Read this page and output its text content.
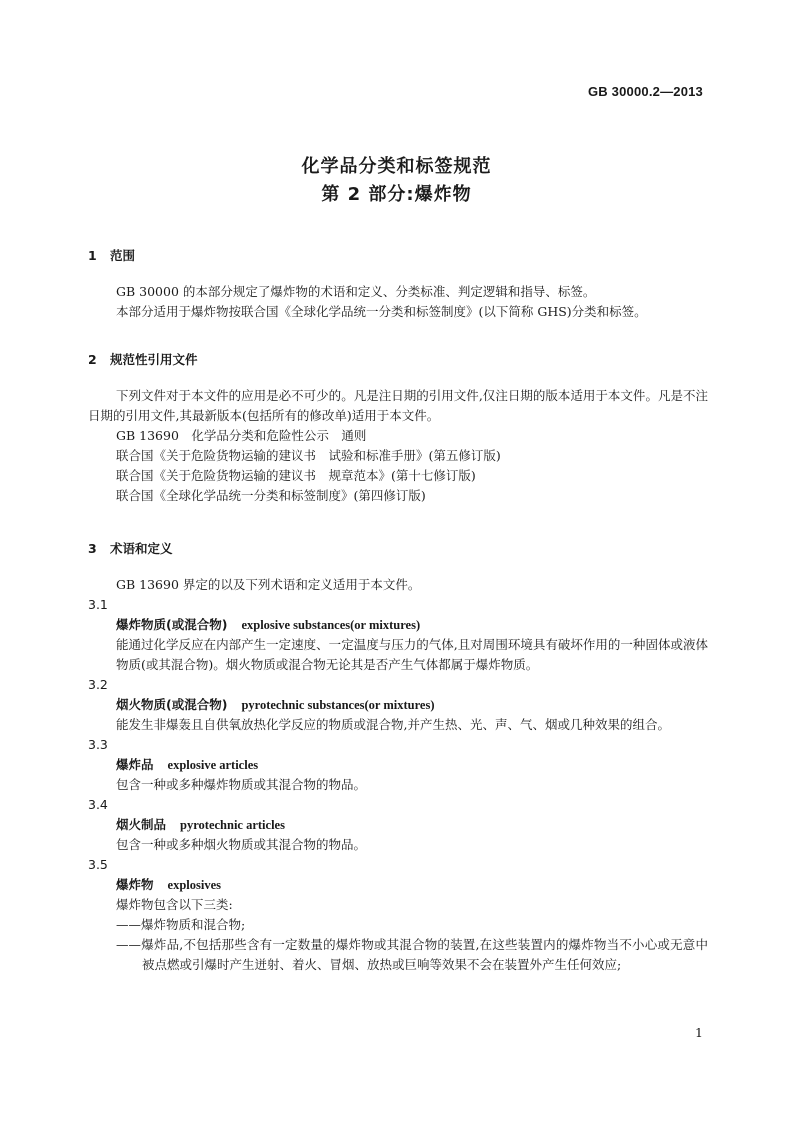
GB 30000.2—2013
化学品分类和标签规范
第 2 部分:爆炸物
1 范围
GB 30000 的本部分规定了爆炸物的术语和定义、分类标准、判定逻辑和指导、标签。
本部分适用于爆炸物按联合国《全球化学品统一分类和标签制度》(以下简称 GHS)分类和标签。
2 规范性引用文件
下列文件对于本文件的应用是必不可少的。凡是注日期的引用文件,仅注日期的版本适用于本文件。凡是不注日期的引用文件,其最新版本(包括所有的修改单)适用于本文件。
GB 13690　化学品分类和危险性公示　通则
联合国《关于危险货物运输的建议书　试验和标准手册》(第五修订版)
联合国《关于危险货物运输的建议书　规章范本》(第十七修订版)
联合国《全球化学品统一分类和标签制度》(第四修订版)
3 术语和定义
GB 13690 界定的以及下列术语和定义适用于本文件。
3.1
爆炸物质(或混合物) explosive substances(or mixtures)
能通过化学反应在内部产生一定速度、一定温度与压力的气体,且对周围环境具有破坏作用的一种固体或液体物质(或其混合物)。烟火物质或混合物无论其是否产生气体都属于爆炸物质。
3.2
烟火物质(或混合物) pyrotechnic substances(or mixtures)
能发生非爆轰且自供氧放热化学反应的物质或混合物,并产生热、光、声、气、烟或几种效果的组合。
3.3
爆炸品 explosive articles
包含一种或多种爆炸物质或其混合物的物品。
3.4
烟火制品 pyrotechnic articles
包含一种或多种烟火物质或其混合物的物品。
3.5
爆炸物 explosives
爆炸物包含以下三类:
——爆炸物质和混合物;
——爆炸品,不包括那些含有一定数量的爆炸物或其混合物的装置,在这些装置内的爆炸物当不小心或无意中被点燃或引爆时产生迸射、着火、冒烟、放热或巨响等效果不会在装置外产生任何效应;
1
